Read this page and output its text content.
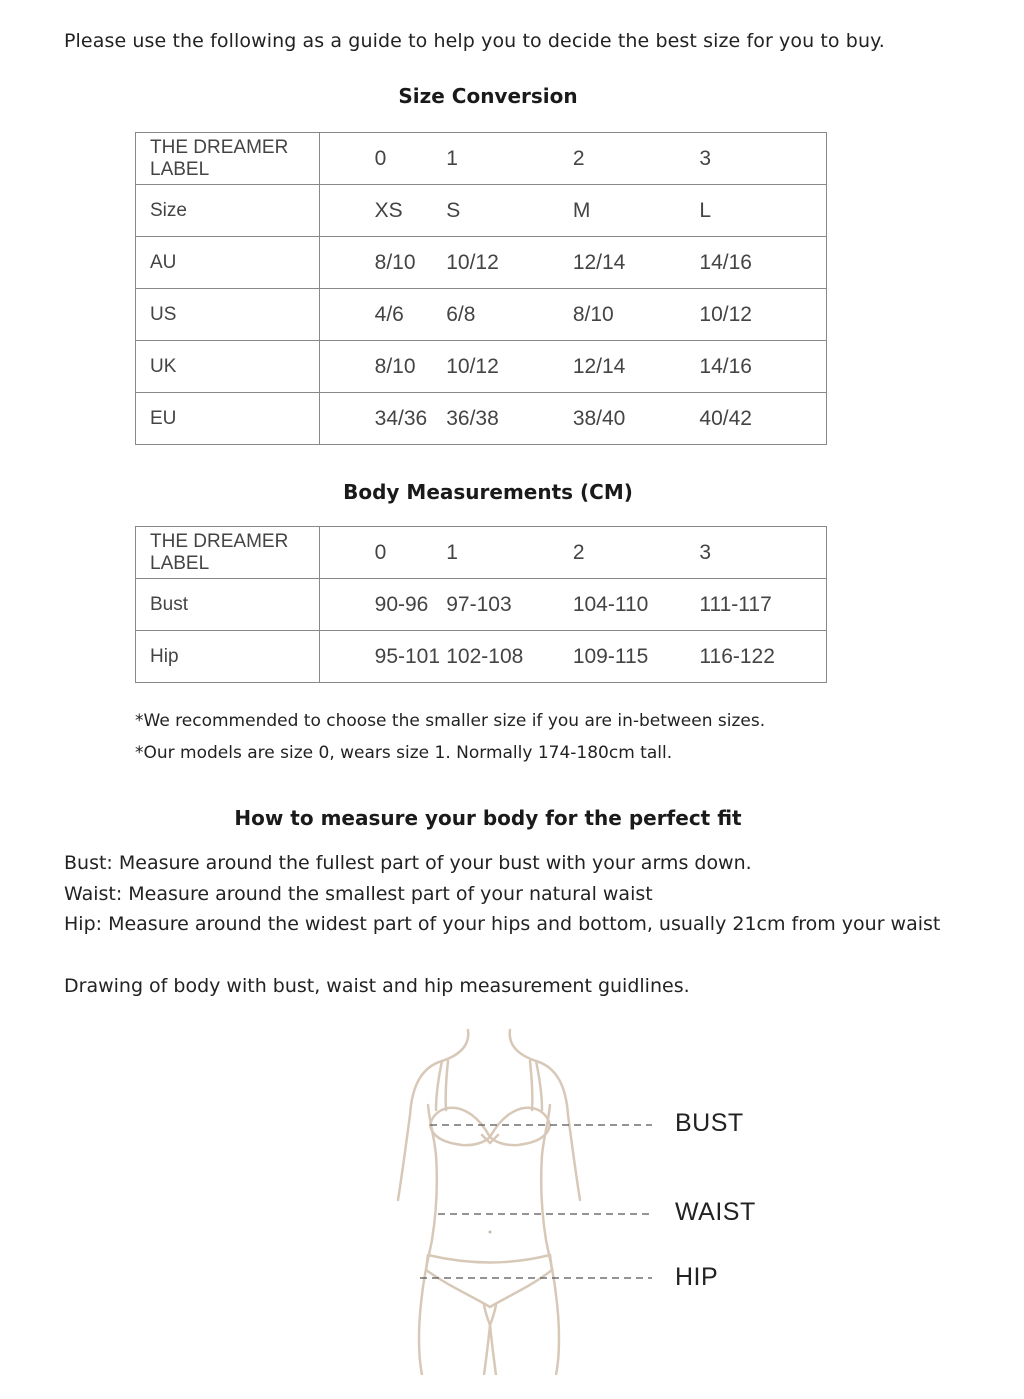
Please use the following as a guide to help you to decide the best size for you to buy.
Size Conversion
THE DREAMER LABEL	0	1	2	3
Size	XS	S	M	L
AU	8/10	10/12	12/14	14/16
US	4/6	6/8	8/10	10/12
UK	8/10	10/12	12/14	14/16
EU	34/36	36/38	38/40	40/42
Body Measurements (CM)
THE DREAMER LABEL	0	1	2	3
Bust	90-96	97-103	104-110	111-117
Hip	95-101	102-108	109-115	116-122
*We recommended to choose the smaller size if you are in-between sizes.
*Our models are size 0, wears size 1. Normally 174-180cm tall.
How to measure your body for the perfect fit
Bust: Measure around the fullest part of your bust with your arms down.
Waist: Measure around the smallest part of your natural waist
Hip: Measure around the widest part of your hips and bottom, usually 21cm from your waist
Drawing of body with bust, waist and hip measurement guidlines.
BUST
WAIST
HIP
